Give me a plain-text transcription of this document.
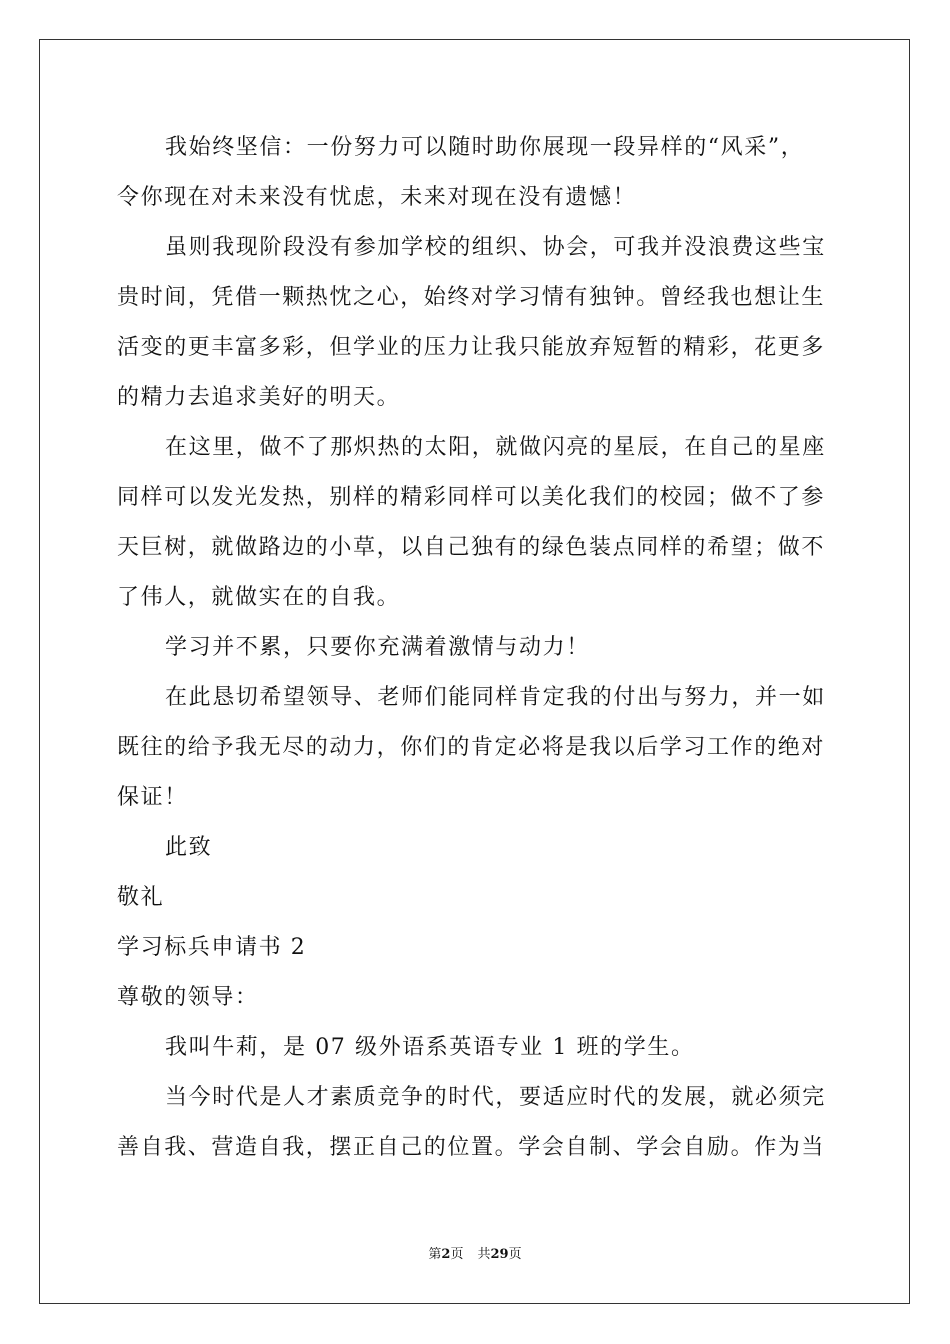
我始终坚信：一份努力可以随时助你展现一段异样的“风采”，
令你现在对未来没有忧虑，未来对现在没有遗憾！
虽则我现阶段没有参加学校的组织、协会，可我并没浪费这些宝
贵时间，凭借一颗热忱之心，始终对学习情有独钟。曾经我也想让生
活变的更丰富多彩，但学业的压力让我只能放弃短暂的精彩，花更多
的精力去追求美好的明天。
在这里，做不了那炽热的太阳，就做闪亮的星辰，在自己的星座
同样可以发光发热，别样的精彩同样可以美化我们的校园；做不了参
天巨树，就做路边的小草，以自己独有的绿色装点同样的希望；做不
了伟人，就做实在的自我。
学习并不累，只要你充满着激情与动力！
在此恳切希望领导、老师们能同样肯定我的付出与努力，并一如
既往的给予我无尽的动力，你们的肯定必将是我以后学习工作的绝对
保证！
此致
敬礼
学习标兵申请书 2
尊敬的领导：
我叫牛莉，是 07 级外语系英语专业 1 班的学生。
当今时代是人才素质竞争的时代，要适应时代的发展，就必须完
善自我、营造自我，摆正自己的位置。学会自制、学会自励。作为当
第2页 共29页
